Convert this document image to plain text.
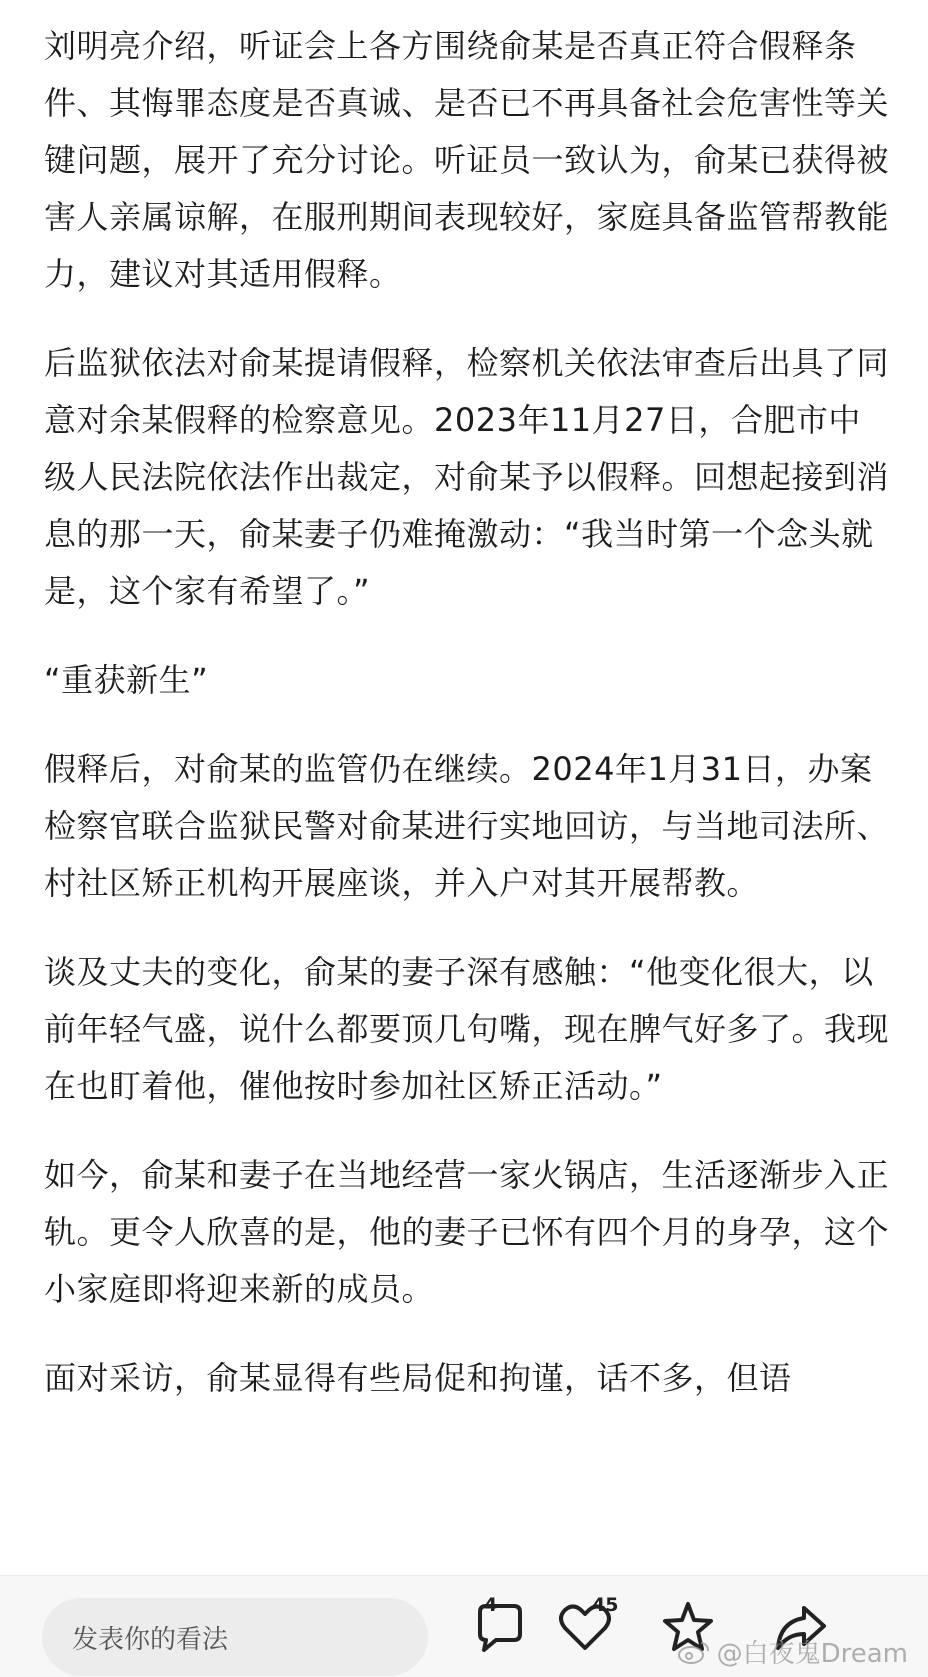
刘明亮介绍，听证会上各方围绕俞某是否真正符合假释条件、其悔罪态度是否真诚、是否已不再具备社会危害性等关键问题，展开了充分讨论。听证员一致认为，俞某已获得被害人亲属谅解，在服刑期间表现较好，家庭具备监管帮教能力，建议对其适用假释。

后监狱依法对俞某提请假释，检察机关依法审查后出具了同意对余某假释的检察意见。2023年11月27日，合肥市中级人民法院依法作出裁定，对俞某予以假释。回想起接到消息的那一天，俞某妻子仍难掩激动：“我当时第一个念头就是，这个家有希望了。”

“重获新生”

假释后，对俞某的监管仍在继续。2024年1月31日，办案检察官联合监狱民警对俞某进行实地回访，与当地司法所、村社区矫正机构开展座谈，并入户对其开展帮教。

谈及丈夫的变化，俞某的妻子深有感触：“他变化很大，以前年轻气盛，说什么都要顶几句嘴，现在脾气好多了。我现在也盯着他，催他按时参加社区矫正活动。”

如今，俞某和妻子在当地经营一家火锅店，生活逐渐步入正轨。更令人欣喜的是，他的妻子已怀有四个月的身孕，这个小家庭即将迎来新的成员。

面对采访，俞某显得有些局促和拘谨，话不多，但语
发表你的看法
4	45
@白夜鬼Dream
